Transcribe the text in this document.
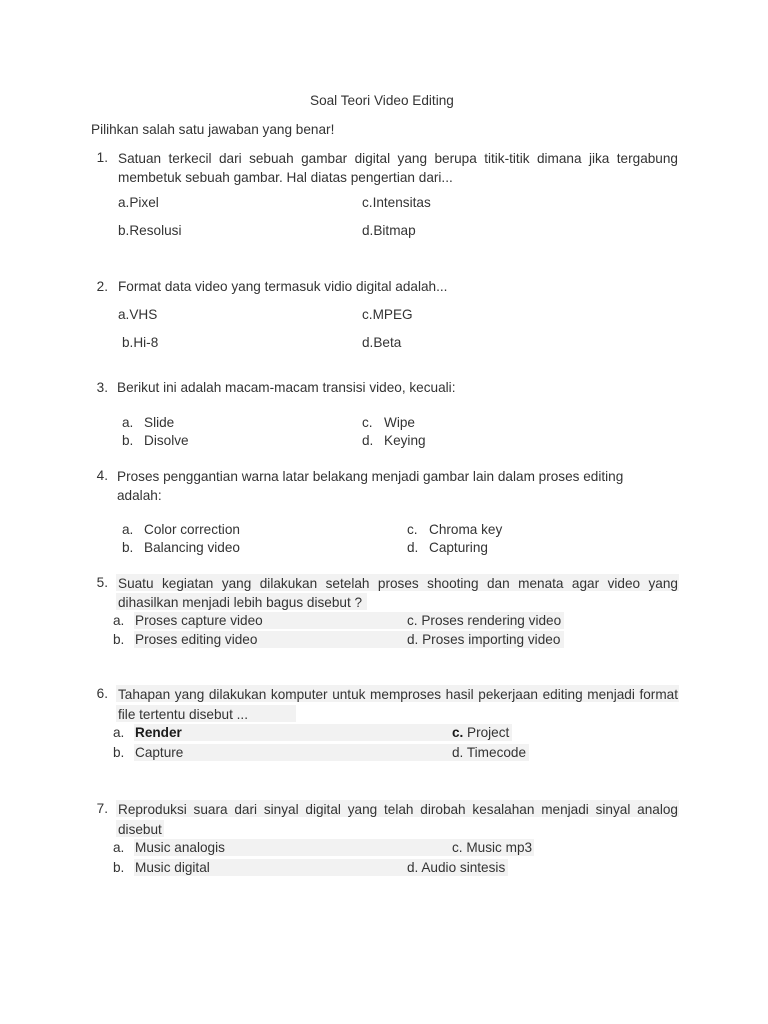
Soal Teori Video Editing
Pilihkan salah satu jawaban yang benar!
1. Satuan terkecil dari sebuah gambar digital yang berupa titik-titik dimana jika tergabung membetuk sebuah gambar. Hal diatas pengertian dari...
a.Pixel	c.Intensitas
b.Resolusi	d.Bitmap
2. Format data video yang termasuk vidio digital adalah...
a.VHS	c.MPEG
b.Hi-8	d.Beta
3. Berikut ini adalah macam-macam transisi video, kecuali:
a. Slide	c. Wipe
b. Disolve	d. Keying
4. Proses penggantian warna latar belakang menjadi gambar lain dalam proses editing adalah:
a. Color correction	c. Chroma key
b. Balancing video	d. Capturing
5. Suatu kegiatan yang dilakukan setelah proses shooting dan menata agar video yang dihasilkan menjadi lebih bagus disebut ?
a. Proses capture video	c. Proses rendering video
b. Proses editing video	d. Proses importing video
6. Tahapan yang dilakukan komputer untuk memproses hasil pekerjaan editing menjadi format file tertentu disebut ...
a. Render	c. Project
b. Capture	d. Timecode
7. Reproduksi suara dari sinyal digital yang telah dirobah kesalahan menjadi sinyal analog disebut
a. Music analogis	c. Music mp3
b. Music digital	d. Audio sintesis
